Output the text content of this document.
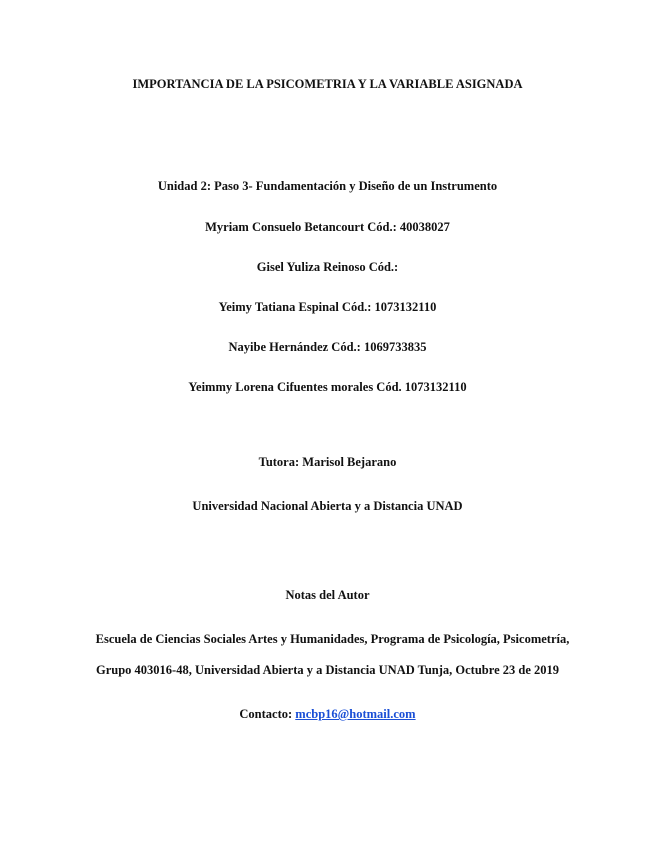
IMPORTANCIA DE LA PSICOMETRIA Y LA VARIABLE ASIGNADA
Unidad 2: Paso 3- Fundamentación y Diseño de un Instrumento
Myriam Consuelo Betancourt Cód.: 40038027
Gisel Yuliza Reinoso Cód.:
Yeimy Tatiana Espinal Cód.: 1073132110
Nayibe Hernández Cód.: 1069733835
Yeimmy Lorena Cifuentes morales Cód. 1073132110
Tutora: Marisol Bejarano
Universidad Nacional Abierta y a Distancia UNAD
Notas del Autor
Escuela de Ciencias Sociales Artes y Humanidades, Programa de Psicología, Psicometría,
Grupo 403016-48, Universidad Abierta y a Distancia UNAD Tunja, Octubre 23 de 2019
Contacto: mcbp16@hotmail.com
